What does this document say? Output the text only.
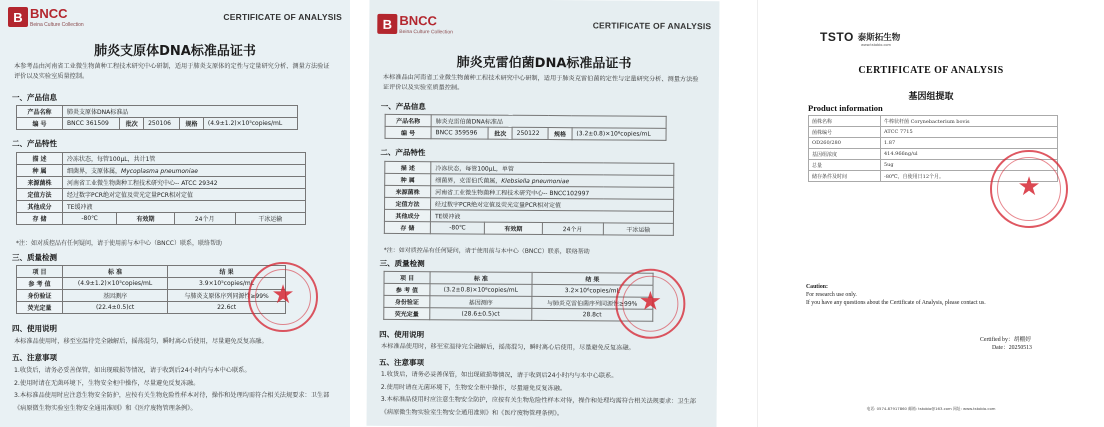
B BNCC
Beina Culture Collection
CERTIFICATE OF ANALYSIS
肺炎支原体DNA标准品证书
本参考品由河南省工业微生物菌种工程技术研究中心研制，适用于肺炎支原体的定性与定量研究分析、测量方法验证评价以及实验室质量控制。
一、产品信息
产品名称	肺炎支原体DNA标准品				
编 号	BNCC 361509	批次	250106	规格	(4.9±1.2)×10⁵copies/mL
二、产品特性
描 述	冷冻状态，每管100μL，共计1管			
种 属	细菌界，支原体属，Mycoplasma pneumoniae			
来源菌株	河南省工业微生物菌种工程技术研究中心-- ATCC 29342			
定值方法	经过数字PCR绝对定值及荧光定量PCR相对定值			
其他成分	TE缓冲液			
存 储	-80℃	有效期	24个月	干冰运输
*注：如对质控品有任何疑问，请于使用前与本中心（BNCC）联系，联络帮助
三、质量检测
项 目	标 准	结 果
参 考 值	(4.9±1.2)×10⁵copies/mL	3.9×10⁵copies/mL
身份验证	基因测序	与肺炎支原体序列同源性≥99%
荧光定量	(22.4±0.5)ct	22.6ct	★
四、使用说明
本标准品使用时，移至室温待完全融解后，摇荡混匀，瞬时离心后使用，尽量避免反复冻融。
五、注意事项
1.收货后，请务必妥善保管，如出现破损等情况，请于收到后24小时内与本中心联系。
2.使用时请在无菌环境下，生物安全柜中操作，尽量避免反复冻融。
3.本标准品使用时应注意生物安全防护，应按有关生物危险性样本对待，操作和处理均需符合相关法规要求：卫生部《病原微生物实验室生物安全通用准则》和《医疗废物管理条例》。
B BNCC
Beina Culture Collection
CERTIFICATE OF ANALYSIS
肺炎克雷伯菌DNA标准品证书
本标准品由河南省工业微生物菌种工程技术研究中心研制，适用于肺炎克雷伯菌的定性与定量研究分析、测量方法验证评价以及实验室质量控制。
一、产品信息
产品名称	肺炎克雷伯菌DNA标准品				
编 号	BNCC 359596	批次	250122	规格	(3.2±0.8)×10⁶copies/mL
二、产品特性
描 述	冷冻状态，每管100μL，单管			
种 属	细菌界，克雷伯氏菌属，Klebsiella pneumoniae			
来源菌株	河南省工业微生物菌种工程技术研究中心-- BNCC102997			
定值方法	经过数字PCR绝对定值及荧光定量PCR相对定值			
其他成分	TE缓冲液			
存 储	-80℃	有效期	24个月	干冰运输
*注：如对质控品有任何疑问，请于使用前与本中心（BNCC）联系，联络帮助
三、质量检测
项 目	标 准	结 果
参 考 值	(3.2±0.8)×10⁶copies/mL	3.2×10⁶copies/mL
身份验证	基因测序	与肺炎克雷伯菌序列同源性≥99%
荧光定量	(28.6±0.5)ct	28.8ct	★
四、使用说明
本标准品使用时，移至室温待完全融解后，摇荡混匀，瞬时离心后使用，尽量避免反复冻融。
五、注意事项
1.收货后，请务必妥善保管，如出现破损等情况，请于收到后24小时内与本中心联系。
2.使用时请在无菌环境下，生物安全柜中操作，尽量避免反复冻融。
3.本标准品使用时应注意生物安全防护，应按有关生物危险性样本对待，操作和处理均需符合相关法规要求：卫生部《病原微生物实验室生物安全通用准则》和《医疗废物管理条例》。
TSTO 泰斯拓生物
www.tstobio.com
CERTIFICATE OF ANALYSIS
基因组提取
Product information
菌株名称	牛棒状杆菌 Corynebacterium bovis
菌株编号	ATCC 7715
OD260/280	1.87
基因组浓度	414.966ng/ul
总量	5ug
储存条件及时间	-80℃，自使用日12个月。	★
Caution:
For research use only.
If you have any questions about the Certificate of Analysis, please contact us.
Certified by：胡棚婷
Date：20250513
电话: 0574-87917860 邮箱: tstobio@163.com 网址: www.tstobio.com
